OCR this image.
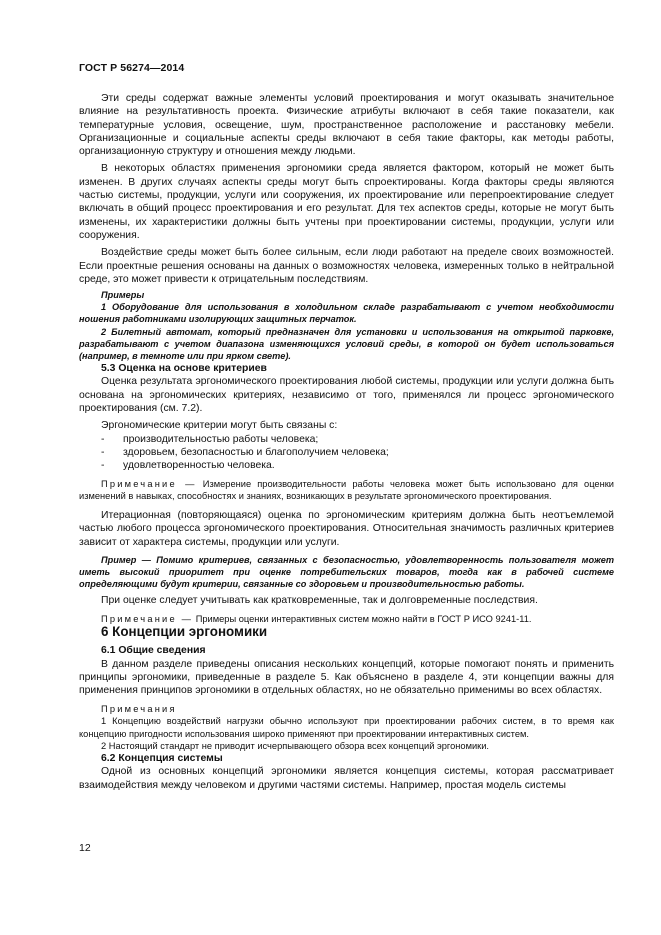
ГОСТ Р 56274—2014

Эти среды содержат важные элементы условий проектирования и могут оказывать значительное влияние на результативность проекта. Физические атрибуты включают в себя такие показатели, как температурные условия, освещение, шум, пространственное расположение и расстановку мебели. Организационные и социальные аспекты среды включают в себя такие факторы, как методы работы, организационную структуру и отношения между людьми.

В некоторых областях применения эргономики среда является фактором, который не может быть изменен. В других случаях аспекты среды могут быть спроектированы. Когда факторы среды являются частью системы, продукции, услуги или сооружения, их проектирование или перепроектирование следует включать в общий процесс проектирования и его результат. Для тех аспектов среды, которые не могут быть изменены, их характеристики должны быть учтены при проектировании системы, продукции, услуги или сооружения.

Воздействие среды может быть более сильным, если люди работают на пределе своих возможностей. Если проектные решения основаны на данных о возможностях человека, измеренных только в нейтральной среде, это может привести к отрицательным последствиям.

Примеры

1 Оборудование для использования в холодильном складе разрабатывают с учетом необходимости ношения работниками изолирующих защитных перчаток.

2 Билетный автомат, который предназначен для установки и использования на открытой парковке, разрабатывают с учетом диапазона изменяющихся условий среды, в которой он будет использоваться (например, в темноте или при ярком свете).

5.3 Оценка на основе критериев

Оценка результата эргономического проектирования любой системы, продукции или услуги должна быть основана на эргономических критериях, независимо от того, применялся ли процесс эргономического проектирования (см. 7.2).

Эргономические критерии могут быть связаны с:

- производительностью работы человека;
- здоровьем, безопасностью и благополучием человека;
- удовлетворенностью человека.

Примечание — Измерение производительности работы человека может быть использовано для оценки изменений в навыках, способностях и знаниях, возникающих в результате эргономического проектирования.

Итерационная (повторяющаяся) оценка по эргономическим критериям должна быть неотъемлемой частью любого процесса эргономического проектирования. Относительная значимость различных критериев зависит от характера системы, продукции или услуги.

Пример — Помимо критериев, связанных с безопасностью, удовлетворенность пользователя может иметь высокий приоритет при оценке потребительских товаров, тогда как в рабочей системе определяющими будут критерии, связанные со здоровьем и производительностью работы.

При оценке следует учитывать как кратковременные, так и долговременные последствия.

Примечание — Примеры оценки интерактивных систем можно найти в ГОСТ Р ИСО 9241-11.

6 Концепции эргономики

6.1 Общие сведения

В данном разделе приведены описания нескольких концепций, которые помогают понять и применить принципы эргономики, приведенные в разделе 5. Как объяснено в разделе 4, эти концепции важны для применения принципов эргономики в отдельных областях, но не обязательно применимы во всех областях.

Примечания

1 Концепцию воздействий нагрузки обычно используют при проектировании рабочих систем, в то время как концепцию пригодности использования широко применяют при проектировании интерактивных систем.

2 Настоящий стандарт не приводит исчерпывающего обзора всех концепций эргономики.

6.2 Концепция системы

Одной из основных концепций эргономики является концепция системы, которая рассматривает взаимодействия между человеком и другими частями системы. Например, простая модель системы

12
